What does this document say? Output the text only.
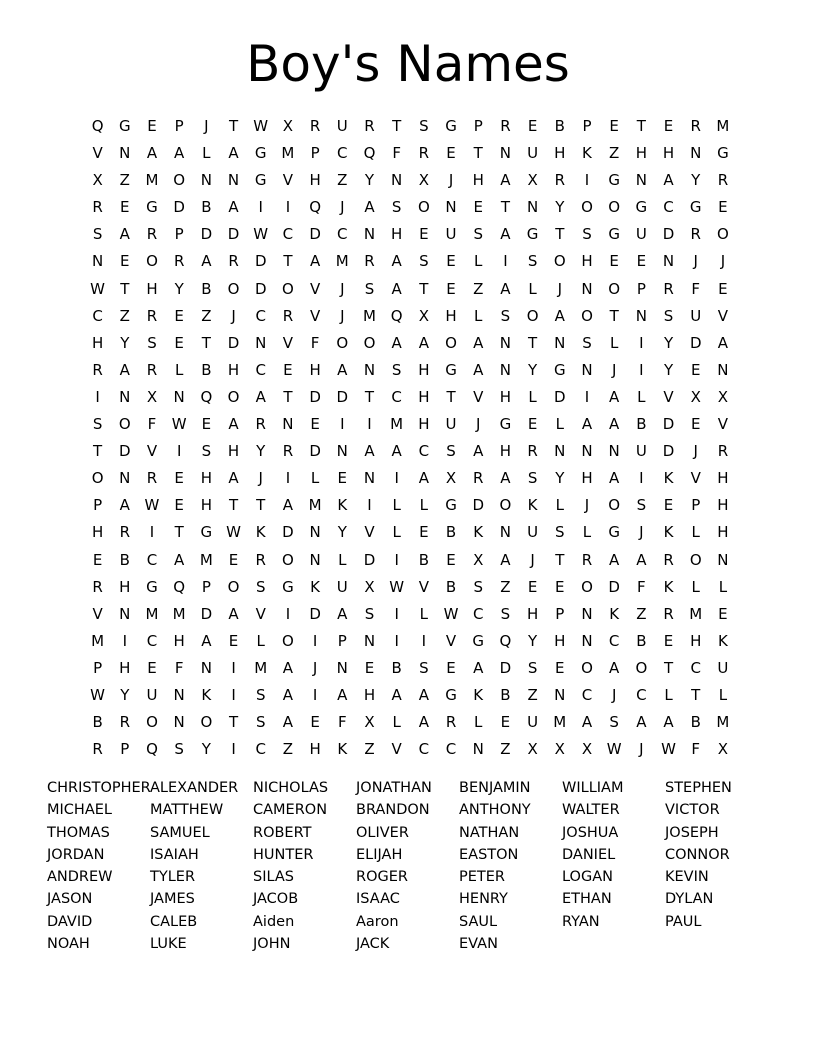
Boy's Names
Q	G	E	P	J	T	W X	R	U	R	T	S	G	P	R	E	B	P	E	T	E	R	M
V	N	A	A	L	A	G M	P	C	Q	F	R	E	T	N	U	H	K	Z	H	H	N	G
X	Z	M O	N	N	G	V	H	Z	Y	N	X	J	H	A	X	R	I	G	N	A	Y	R
R	E	G	D	B	A	I	I	Q	J	A	S	O	N	E	T	N	Y	O	O	G	C	G	E
S	A	R	P	D	D W C	D	C	N	H	E	U	S	A	G	T	S	G	U	D	R	O
N	E	O	R	A	R	D	T	A	M	R	A	S	E	L	I	S	O	H	E	E	N	J	J
W	T	H	Y	B	O	D	O	V	J	S	A	T	E	Z	A	L	J	N	O	P	R	F	E
C	Z	R	E	Z	J	C	R	V	J	M Q	X	H	L	S	O	A	O	T	N	S	U	V
H	Y	S	E	T	D	N	V	F	O	O	A	A	O	A	N	T	N	S	L	I	Y	D	A
R	A	R	L	B	H	C	E	H	A	N	S	H	G	A	N	Y	G	N	J	I	Y	E	N
I	N	X	N	Q	O	A	T	D	D	T	C	H	T	V	H	L	D	I	A	L	V	X	X
S	O	F	W	E	A	R	N	E	I	I	M	H	U	J	G	E	L	A	A	B	D	E	V
T	D	V	I	S	H	Y	R	D	N	A	A	C	S	A	H	R	N	N	N	U	D	J	R
O	N	R	E	H	A	J	I	L	E	N	I	A	X	R	A	S	Y	H	A	I	K	V	H
P	A W	E	H	T	T	A	M	K	I	L	L	G	D	O	K	L	J	O	S	E	P	H
H	R	I	T	G W K	D	N	Y	V	L	E	B	K	N	U	S	L	G	J	K	L	H
E	B	C	A	M	E	R	O	N	L	D	I	B	E	X	A	J	T	R	A	A	R	O	N
R	H	G	Q	P	O	S	G	K	U	X W V	B	S	Z	E	E	O	D	F	K	L	L
V	N	M M D	A	V	I	D	A	S	I	L	W C	S	H	P	N	K	Z	R	M	E
M	I	C	H	A	E	L	O	I	P	N	I	I	V	G	Q	Y	H	N	C	B	E	H	K
P	H	E	F	N	I	M	A	J	N	E	B	S	E	A	D	S	E	O	A	O	T	C	U
W	Y	U	N	K	I	S	A	I	A	H	A	A	G	K	B	Z	N	C	J	C	L	T	L
B	R	O	N	O	T	S	A	E	F	X	L	A	R	L	E	U	M	A	S	A	A	B	M
R	P	Q	S	Y	I	C	Z	H	K	Z	V	C	C	N	Z	X	X	X W	J	W	F	X
CHRISTOPHER ALEXANDER	NICHOLAS	JONATHAN	BENJAMIN	WILLIAM	STEPHEN
MICHAEL	MATTHEW	CAMERON	BRANDON	ANTHONY	WALTER	VICTOR
THOMAS	SAMUEL	ROBERT	OLIVER	NATHAN	JOSHUA	JOSEPH
JORDAN	ISAIAH	HUNTER	ELIJAH	EASTON	DANIEL	CONNOR
ANDREW	TYLER	SILAS	ROGER	PETER	LOGAN	KEVIN
JASON	JAMES	JACOB	ISAAC	HENRY	ETHAN	DYLAN
DAVID	CALEB	Aiden	Aaron	SAUL	RYAN	PAUL
NOAH	LUKE	JOHN	JACK	EVAN
